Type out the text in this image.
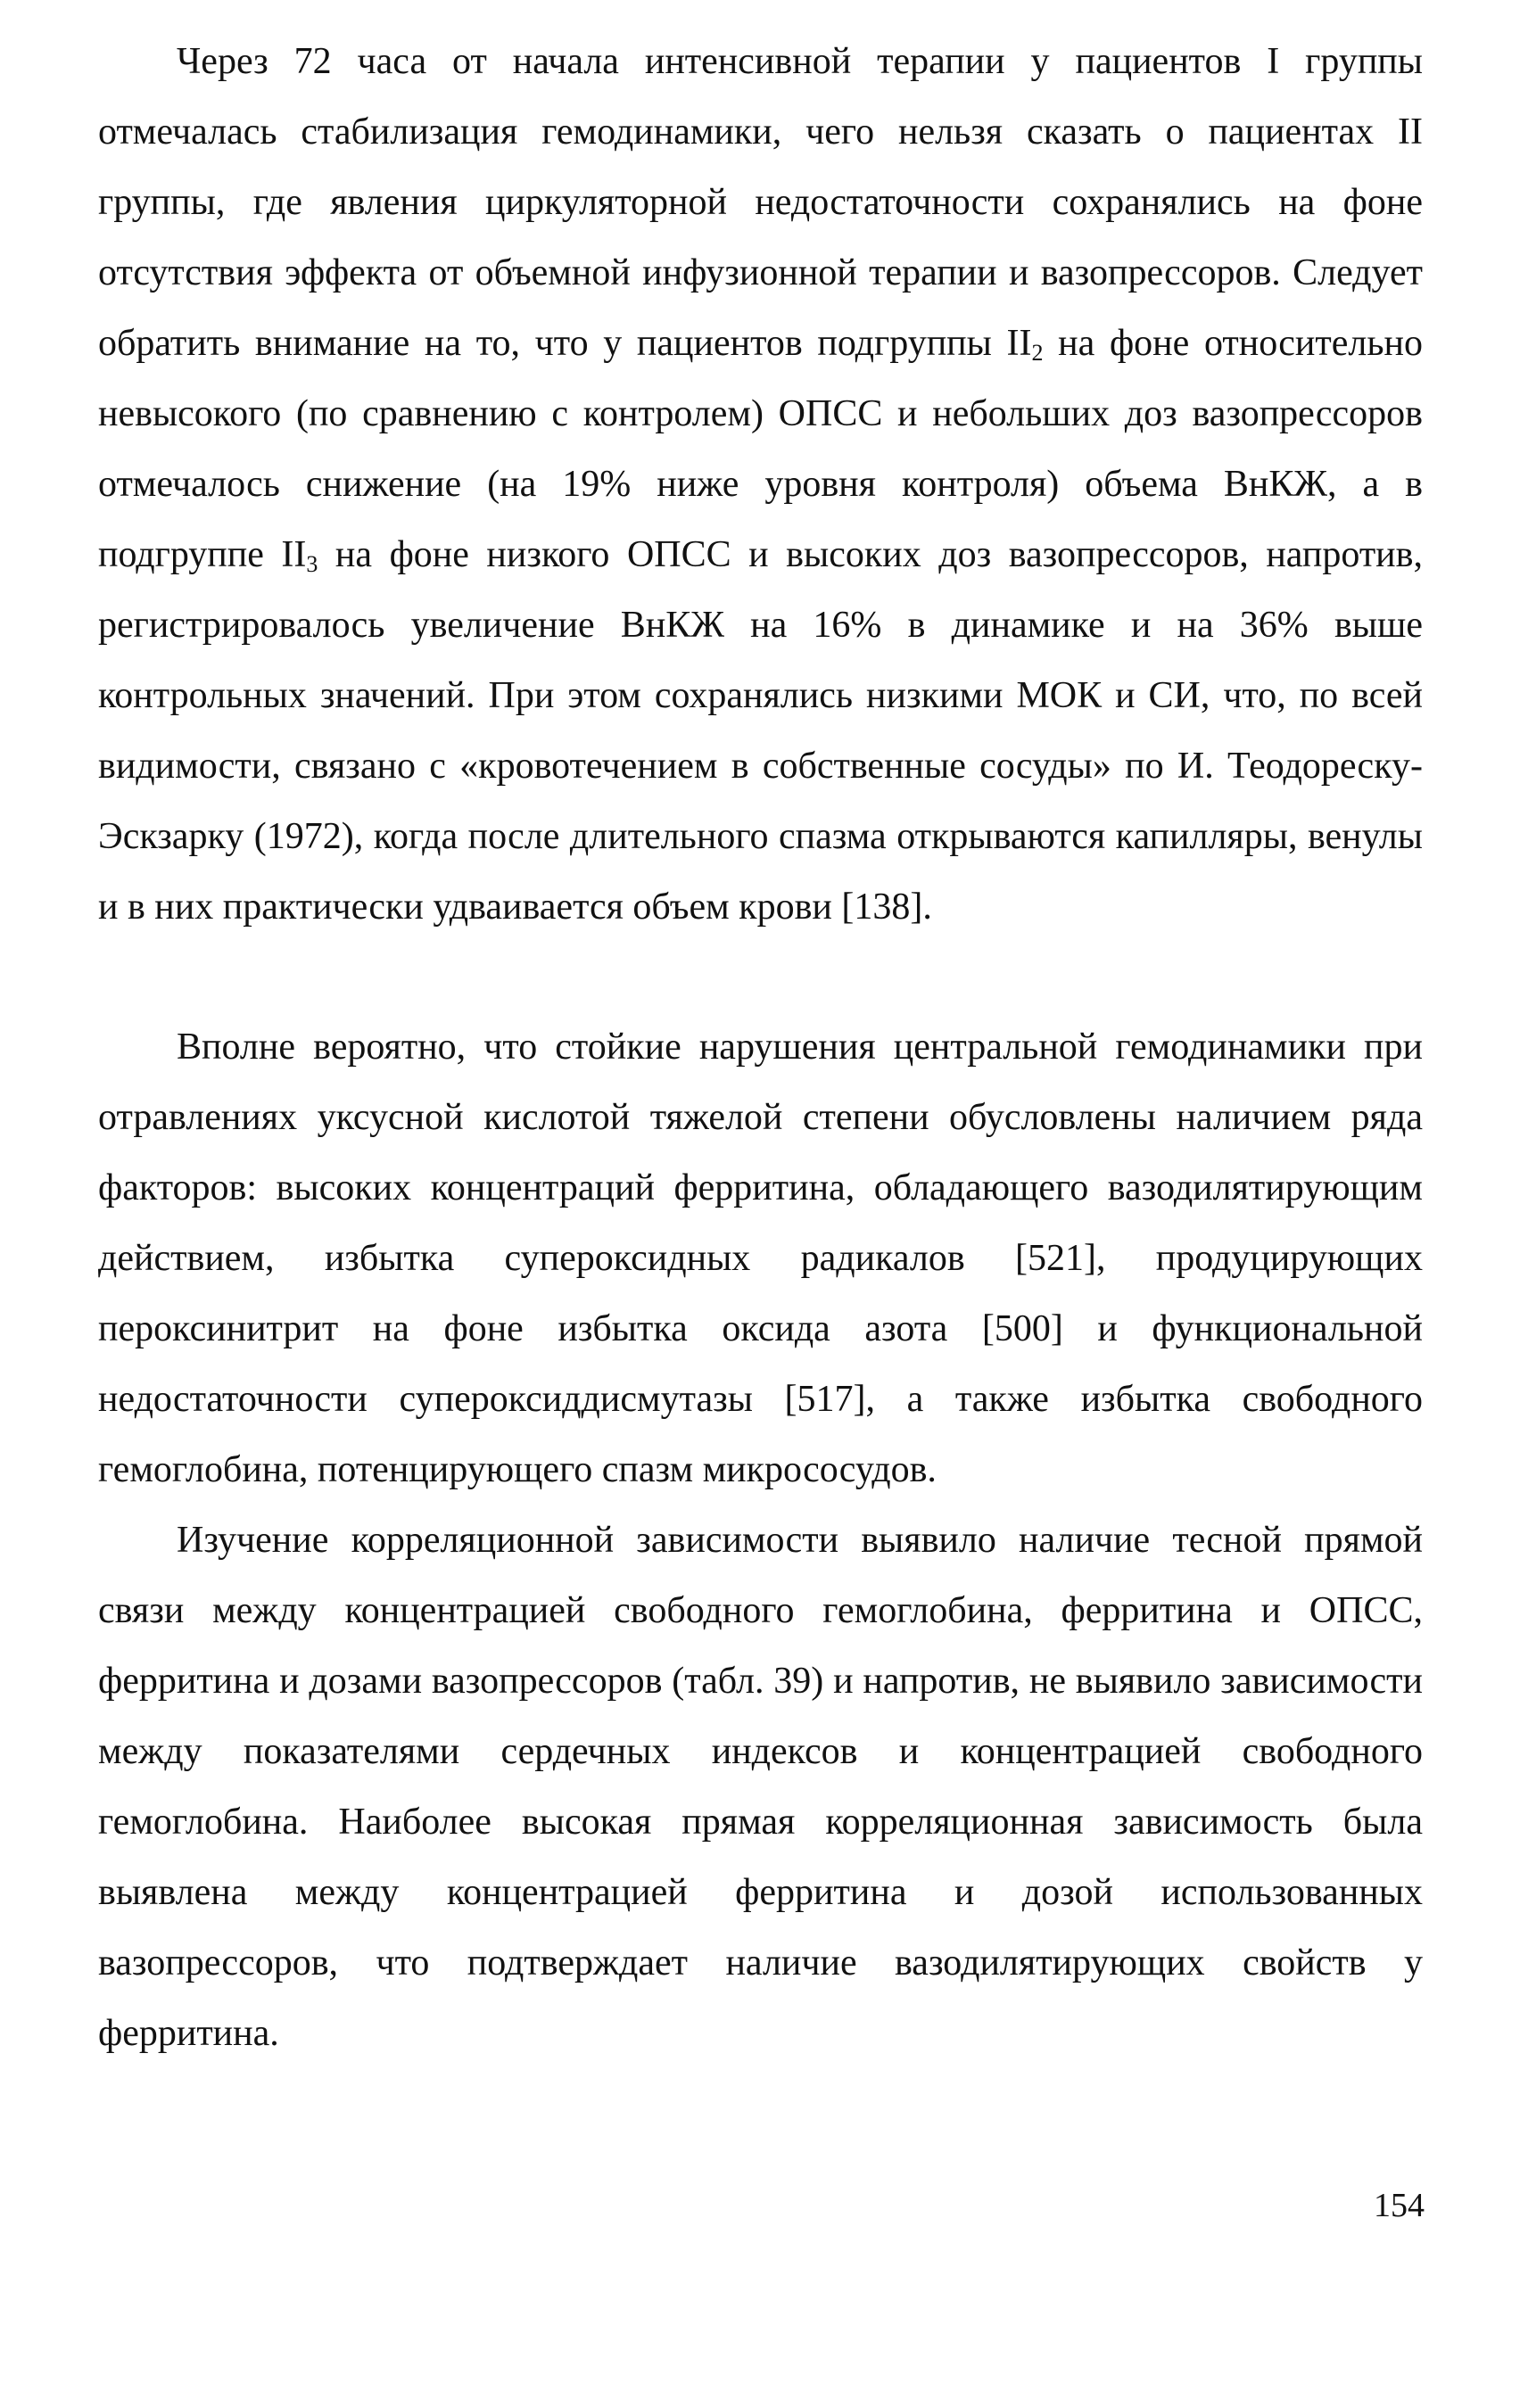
Через 72 часа от начала интенсивной терапии у пациентов I группы отмечалась стабилизация гемодинамики, чего нельзя сказать о пациентах II группы, где явления циркуляторной недостаточности сохранялись на фоне отсутствия эффекта от объемной инфузионной терапии и вазопрессоров. Следует обратить внимание на то, что у пациентов подгруппы $II_2$ на фоне относительно невысокого (по сравнению с контролем) ОПСС и небольших доз вазопрессоров отмечалось снижение (на 19% ниже уровня контроля) объема ВнКЖ, а в подгруппе $II_3$ на фоне низкого ОПСС и высоких доз вазопрессоров, напротив, регистрировалось увеличение ВнКЖ на 16% в динамике и на 36% выше контрольных значений. При этом сохранялись низкими МОК и СИ, что, по всей видимости, связано с «кровотечением в собственные сосуды» по И. Теодореску-Эскзарку (1972), когда после длительного спазма открываются капилляры, венулы и в них практически удваивается объем крови [138].

Вполне вероятно, что стойкие нарушения центральной гемодинамики при отравлениях уксусной кислотой тяжелой степени обусловлены наличием ряда факторов: высоких концентраций ферритина, обладающего вазодилятирующим действием, избытка супероксидных радикалов [521], продуцирующих пероксинитрит на фоне избытка оксида азота [500] и функциональной недостаточности супероксиддисмутазы [517], а также избытка свободного гемоглобина, потенцирующего спазм микрососудов.

Изучение корреляционной зависимости выявило наличие тесной прямой связи между концентрацией свободного гемоглобина, ферритина и ОПСС, ферритина и дозами вазопрессоров (табл. 39) и напротив, не выявило зависимости между показателями сердечных индексов и концентрацией свободного гемоглобина. Наиболее высокая прямая корреляционная зависимость была выявлена между концентрацией ферритина и дозой использованных вазопрессоров, что подтверждает наличие вазодилятирующих свойств у ферритина.

154
